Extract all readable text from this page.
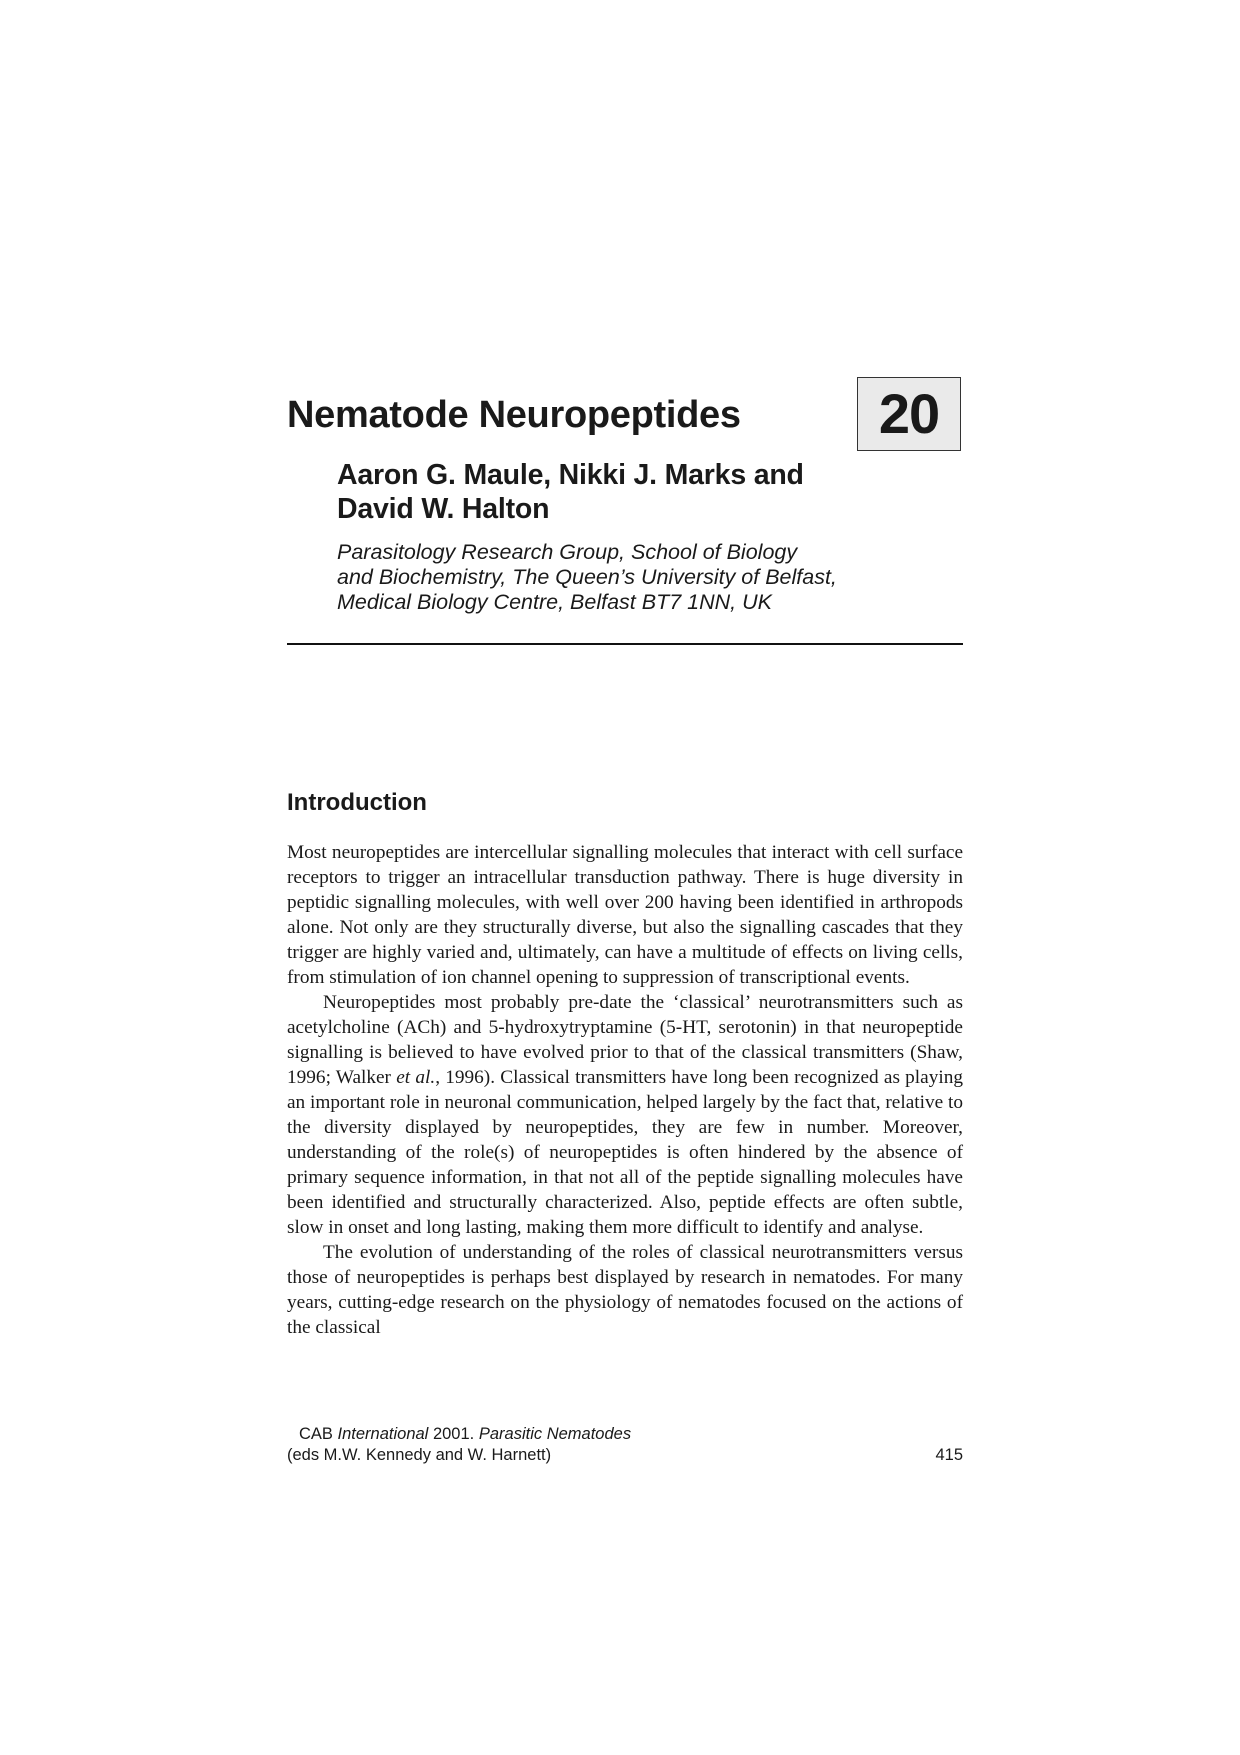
Nematode Neuropeptides	20
Aaron G. Maule, Nikki J. Marks and
David W. Halton

Parasitology Research Group, School of Biology
and Biochemistry, The Queen’s University of Belfast,
Medical Biology Centre, Belfast BT7 1NN, UK

Introduction

Most neuropeptides are intercellular signalling molecules that interact with cell surface receptors to trigger an intracellular transduction pathway. There is huge diversity in peptidic signalling molecules, with well over 200 having been identified in arthropods alone. Not only are they structurally diverse, but also the signalling cascades that they trigger are highly varied and, ultimately, can have a multitude of effects on living cells, from stimulation of ion channel opening to suppression of transcriptional events.

Neuropeptides most probably pre-date the ‘classical’ neurotransmitters such as acetylcholine (ACh) and 5-hydroxytryptamine (5-HT, serotonin) in that neuropeptide signalling is believed to have evolved prior to that of the classical transmitters (Shaw, 1996; Walker et al., 1996). Classical transmitters have long been recognized as playing an important role in neuronal communication, helped largely by the fact that, relative to the diversity displayed by neuropeptides, they are few in number. Moreover, understanding of the role(s) of neuropeptides is often hindered by the absence of primary sequence information, in that not all of the peptide signalling molecules have been identified and structurally characterized. Also, peptide effects are often subtle, slow in onset and long lasting, making them more difficult to identify and analyse.

The evolution of understanding of the roles of classical neurotransmitters versus those of neuropeptides is perhaps best displayed by research in nematodes. For many years, cutting-edge research on the physiology of nematodes focused on the actions of the classical

CAB International 2001. Parasitic Nematodes
(eds M.W. Kennedy and W. Harnett)	415
